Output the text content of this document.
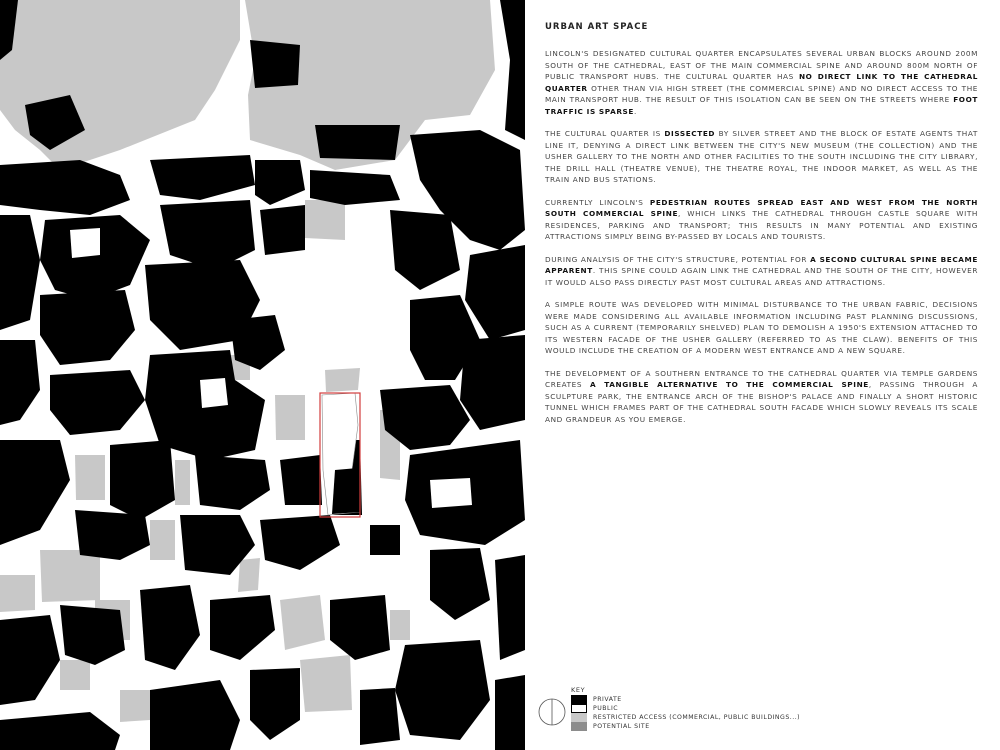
URBAN ART SPACE

LINCOLN'S DESIGNATED CULTURAL QUARTER ENCAPSULATES SEVERAL URBAN BLOCKS AROUND 200M SOUTH OF THE CATHEDRAL, EAST OF THE MAIN COMMERCIAL SPINE AND AROUND 800M NORTH OF PUBLIC TRANSPORT HUBS. THE CULTURAL QUARTER HAS NO DIRECT LINK TO THE CATHEDRAL QUARTER OTHER THAN VIA HIGH STREET (THE COMMERCIAL SPINE) AND NO DIRECT ACCESS TO THE MAIN TRANSPORT HUB. THE RESULT OF THIS ISOLATION CAN BE SEEN ON THE STREETS WHERE FOOT TRAFFIC IS SPARSE.

THE CULTURAL QUARTER IS DISSECTED BY SILVER STREET AND THE BLOCK OF ESTATE AGENTS THAT LINE IT, DENYING A DIRECT LINK BETWEEN THE CITY'S NEW MUSEUM (THE COLLECTION) AND THE USHER GALLERY TO THE NORTH AND OTHER FACILITIES TO THE SOUTH INCLUDING THE CITY LIBRARY, THE DRILL HALL (THEATRE VENUE), THE THEATRE ROYAL, THE INDOOR MARKET, AS WELL AS THE TRAIN AND BUS STATIONS.

CURRENTLY LINCOLN'S PEDESTRIAN ROUTES SPREAD EAST AND WEST FROM THE NORTH SOUTH COMMERCIAL SPINE, WHICH LINKS THE CATHEDRAL THROUGH CASTLE SQUARE WITH RESIDENCES, PARKING AND TRANSPORT; THIS RESULTS IN MANY POTENTIAL AND EXISTING ATTRACTIONS SIMPLY BEING BY-PASSED BY LOCALS AND TOURISTS.

DURING ANALYSIS OF THE CITY'S STRUCTURE, POTENTIAL FOR A SECOND CULTURAL SPINE BECAME APPARENT. THIS SPINE COULD AGAIN LINK THE CATHEDRAL AND THE SOUTH OF THE CITY, HOWEVER IT WOULD ALSO PASS DIRECTLY PAST MOST CULTURAL AREAS AND ATTRACTIONS.

A SIMPLE ROUTE WAS DEVELOPED WITH MINIMAL DISTURBANCE TO THE URBAN FABRIC, DECISIONS WERE MADE CONSIDERING ALL AVAILABLE INFORMATION INCLUDING PAST PLANNING DISCUSSIONS, SUCH AS A CURRENT (TEMPORARILY SHELVED) PLAN TO DEMOLISH A 1950'S EXTENSION ATTACHED TO ITS WESTERN FACADE OF THE USHER GALLERY (REFERRED TO AS THE CLAW). BENEFITS OF THIS WOULD INCLUDE THE CREATION OF A MODERN WEST ENTRANCE AND A NEW SQUARE.

THE DEVELOPMENT OF A SOUTHERN ENTRANCE TO THE CATHEDRAL QUARTER VIA TEMPLE GARDENS CREATES A TANGIBLE ALTERNATIVE TO THE COMMERCIAL SPINE, PASSING THROUGH A SCULPTURE PARK, THE ENTRANCE ARCH OF THE BISHOP'S PALACE AND FINALLY A SHORT HISTORIC TUNNEL WHICH FRAMES PART OF THE CATHEDRAL SOUTH FACADE WHICH SLOWLY REVEALS ITS SCALE AND GRANDEUR AS YOU EMERGE.

KEY
PRIVATE
PUBLIC
RESTRICTED ACCESS (COMMERCIAL, PUBLIC BUILDINGS...)
POTENTIAL SITE
